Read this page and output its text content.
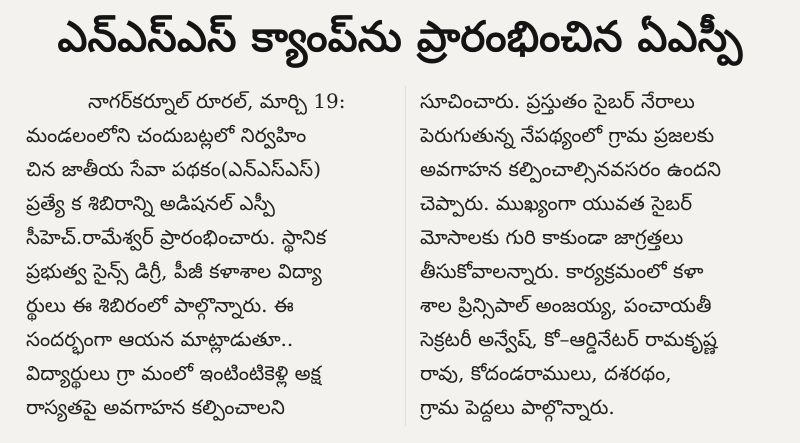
ఎన్ఎస్ఎస్ క్యాంప్‌ను ప్రారంభించిన ఏఎస్పీ
నాగర్‌కర్నూల్ రూరల్, మార్చి 19:
మండలంలోని చందుబట్లలో నిర్వహిం
చిన జాతీయ సేవా పథకం(ఎన్ఎస్ఎస్)
ప్రత్యే క శిబిరాన్ని అడిషనల్ ఎస్పీ
సీహెచ్.రామేశ్వర్ ప్రారంభించారు. స్థానిక
ప్రభుత్వ సైన్స్ డిగ్రీ, పీజీ కళాశాల విద్యా
ర్థులు ఈ శిబిరంలో పాల్గొన్నారు. ఈ
సందర్భంగా ఆయన మాట్లాడుతూ..
విద్యార్థులు గ్రా మంలో ఇంటింటికెళ్లి అక్ష
రాస్యతపై అవగాహన కల్పించాలని
సూచించారు. ప్రస్తుతం సైబర్ నేరాలు
పెరుగుతున్న నేపథ్యంలో గ్రామ ప్రజలకు
అవగాహన కల్పించాల్సినవసరం ఉందని
చెప్పారు. ముఖ్యంగా యువత సైబర్
మోసాలకు గురి కాకుండా జాగ్రత్తలు
తీసుకోవాలన్నారు. కార్యక్రమంలో కళా
శాల ప్రిన్సిపాల్ అంజయ్య, పంచాయతీ
సెక్రటరీ అన్వేష్, కో–ఆర్డినేటర్ రామకృష్ణ
రావు, కోదండరాములు, దశరథం,
గ్రామ పెద్దలు పాల్గొన్నారు.
